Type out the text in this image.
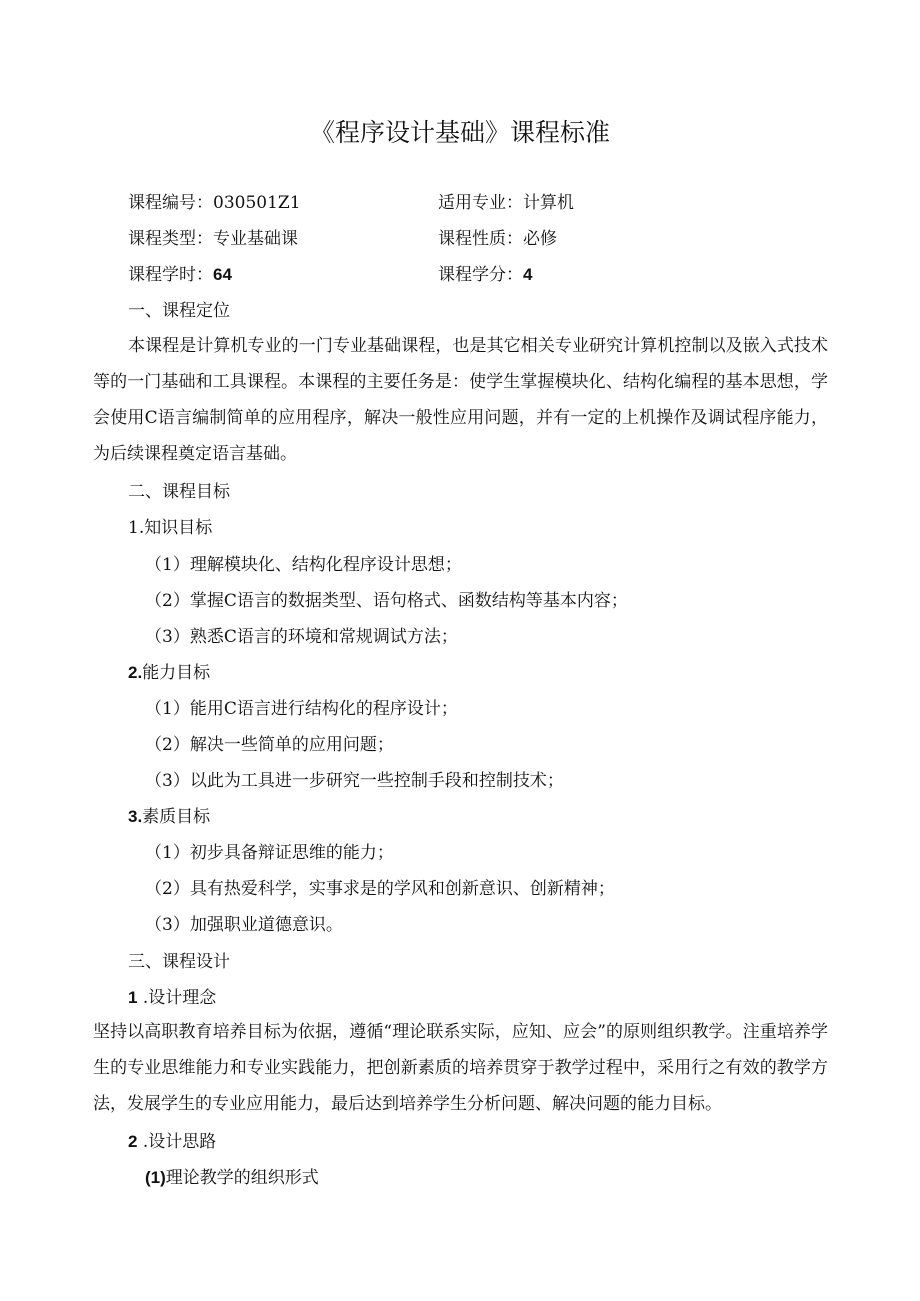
《程序设计基础》课程标准
课程编号：030501Z1	适用专业：计算机
课程类型：专业基础课	课程性质：必修
课程学时：64	课程学分：4
一、课程定位
本课程是计算机专业的一门专业基础课程，也是其它相关专业研究计算机控制以及嵌入式技术等的一门基础和工具课程。本课程的主要任务是：使学生掌握模块化、结构化编程的基本思想，学会使用C语言编制简单的应用程序，解决一般性应用问题，并有一定的上机操作及调试程序能力，为后续课程奠定语言基础。
二、课程目标
1.知识目标
（1）理解模块化、结构化程序设计思想；
（2）掌握C语言的数据类型、语句格式、函数结构等基本内容；
（3）熟悉C语言的环境和常规调试方法；
2.能力目标
（1）能用C语言进行结构化的程序设计；
（2）解决一些简单的应用问题；
（3）以此为工具进一步研究一些控制手段和控制技术；
3.素质目标
（1）初步具备辩证思维的能力；
（2）具有热爱科学，实事求是的学风和创新意识、创新精神；
（3）加强职业道德意识。
三、课程设计
1 .设计理念
坚持以高职教育培养目标为依据，遵循“理论联系实际，应知、应会”的原则组织教学。注重培养学生的专业思维能力和专业实践能力，把创新素质的培养贯穿于教学过程中，采用行之有效的教学方法，发展学生的专业应用能力，最后达到培养学生分析问题、解决问题的能力目标。
2 .设计思路
(1)理论教学的组织形式
